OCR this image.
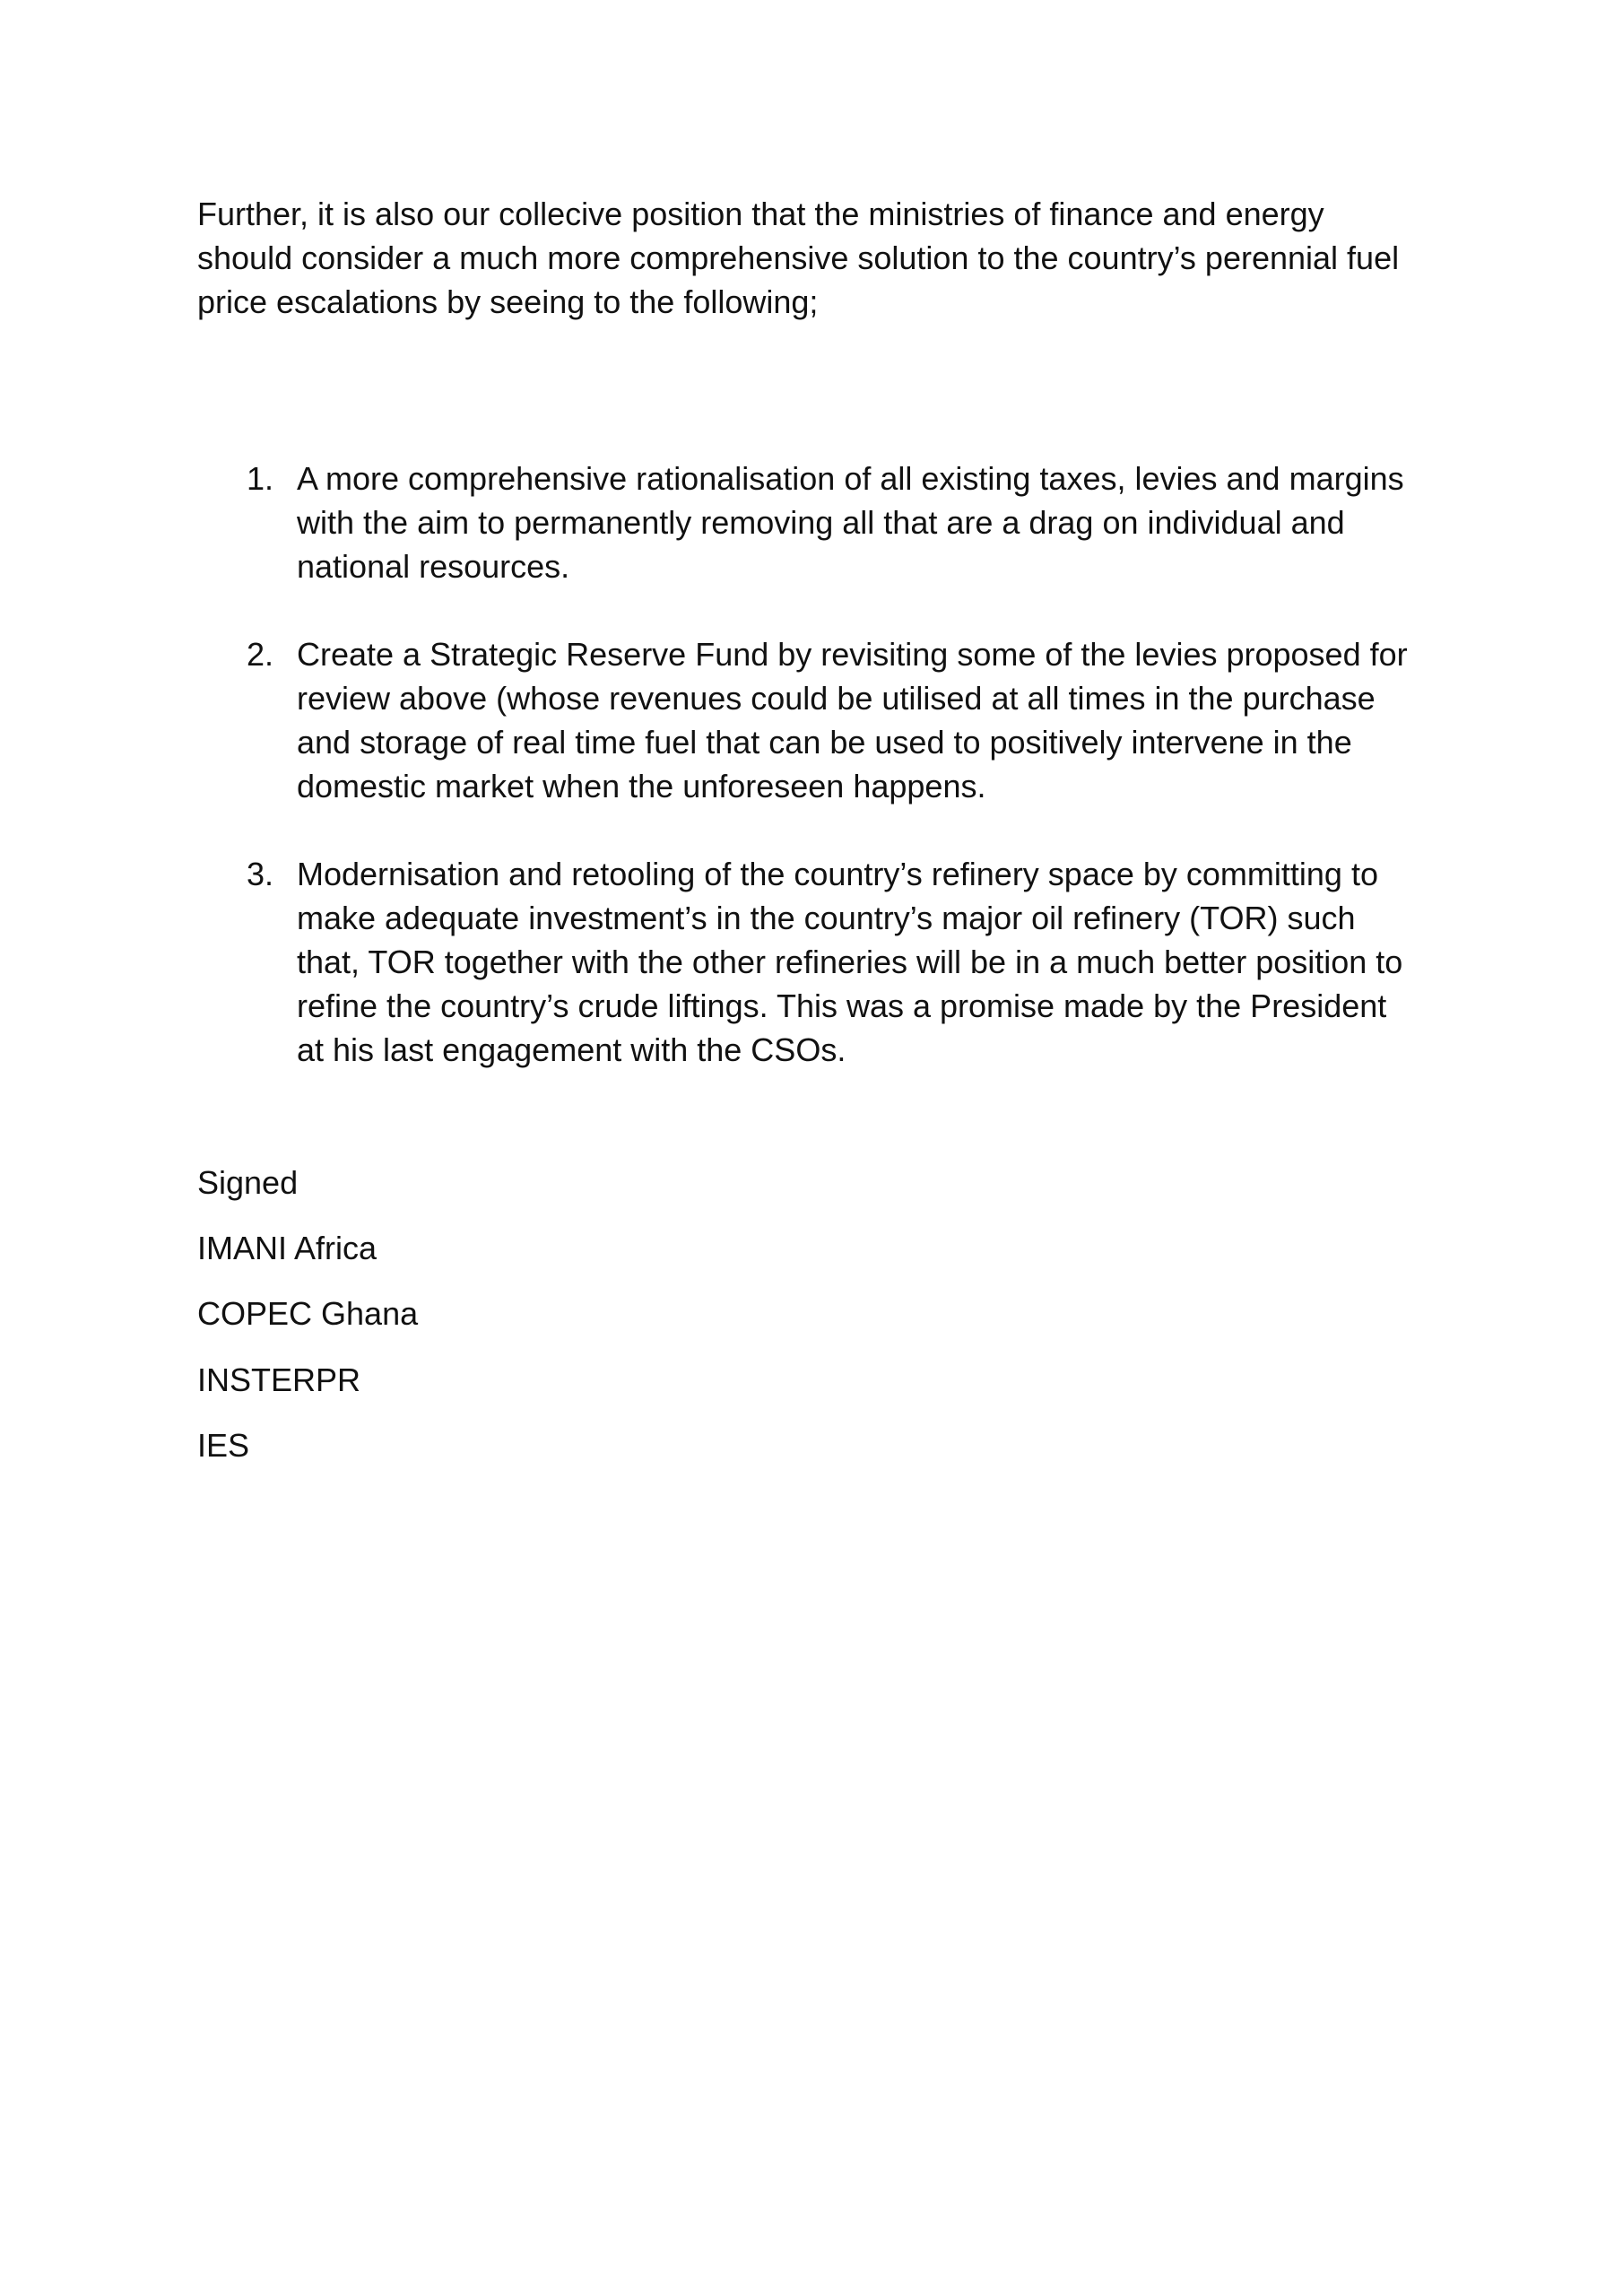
Further, it is also our collecive position that the ministries of finance and energy
should consider a much more comprehensive solution to the country’s perennial fuel
price escalations by seeing to the following;

1. A more comprehensive rationalisation of all existing taxes, levies and margins
with the aim to permanently removing all that are a drag on individual and
national resources.
2. Create a Strategic Reserve Fund by revisiting some of the levies proposed for
review above (whose revenues could be utilised at all times in the purchase
and storage of real time fuel that can be used to positively intervene in the
domestic market when the unforeseen happens.
3. Modernisation and retooling of the country’s refinery space by committing to
make adequate investment’s in the country’s major oil refinery (TOR) such
that, TOR together with the other refineries will be in a much better position to
refine the country’s crude liftings. This was a promise made by the President
at his last engagement with the CSOs.
Signed
IMANI Africa
COPEC Ghana
INSTERPR
IES
